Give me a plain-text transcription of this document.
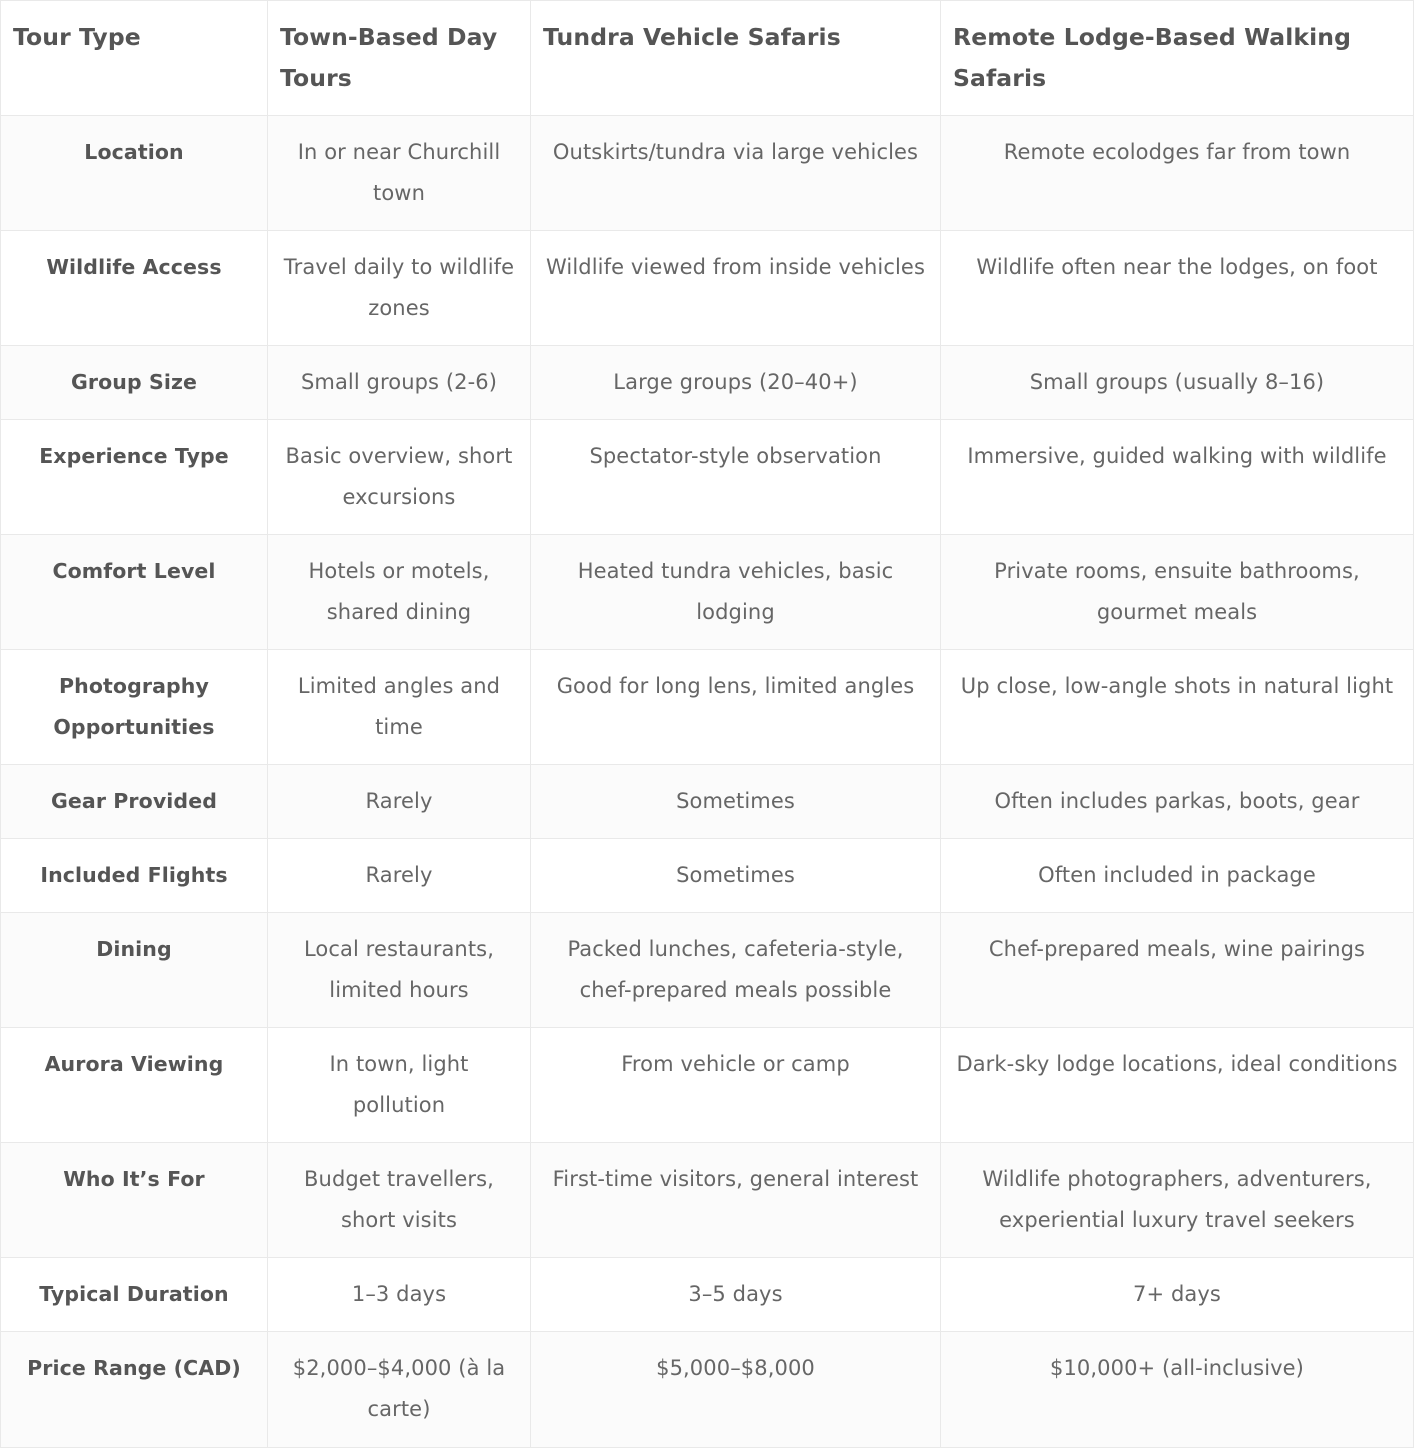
Tour Type	Town-Based Day Tours	Tundra Vehicle Safaris	Remote Lodge-Based Walking Safaris
Location	In or near Churchill town	Outskirts/tundra via large vehicles	Remote ecolodges far from town
Wildlife Access	Travel daily to wildlife zones	Wildlife viewed from inside vehicles	Wildlife often near the lodges, on foot
Group Size	Small groups (2-6)	Large groups (20–40+)	Small groups (usually 8–16)
Experience Type	Basic overview, short excursions	Spectator-style observation	Immersive, guided walking with wildlife
Comfort Level	Hotels or motels, shared dining	Heated tundra vehicles, basic lodging	Private rooms, ensuite bathrooms, gourmet meals
Photography Opportunities	Limited angles and time	Good for long lens, limited angles	Up close, low-angle shots in natural light
Gear Provided	Rarely	Sometimes	Often includes parkas, boots, gear
Included Flights	Rarely	Sometimes	Often included in package
Dining	Local restaurants, limited hours	Packed lunches, cafeteria-style, chef-prepared meals possible	Chef-prepared meals, wine pairings
Aurora Viewing	In town, light pollution	From vehicle or camp	Dark-sky lodge locations, ideal conditions
Who It’s For	Budget travellers, short visits	First-time visitors, general interest	Wildlife photographers, adventurers, experiential luxury travel seekers
Typical Duration	1–3 days	3–5 days	7+ days
Price Range (CAD)	$2,000–$4,000 (à la carte)	$5,000–$8,000	$10,000+ (all-inclusive)
